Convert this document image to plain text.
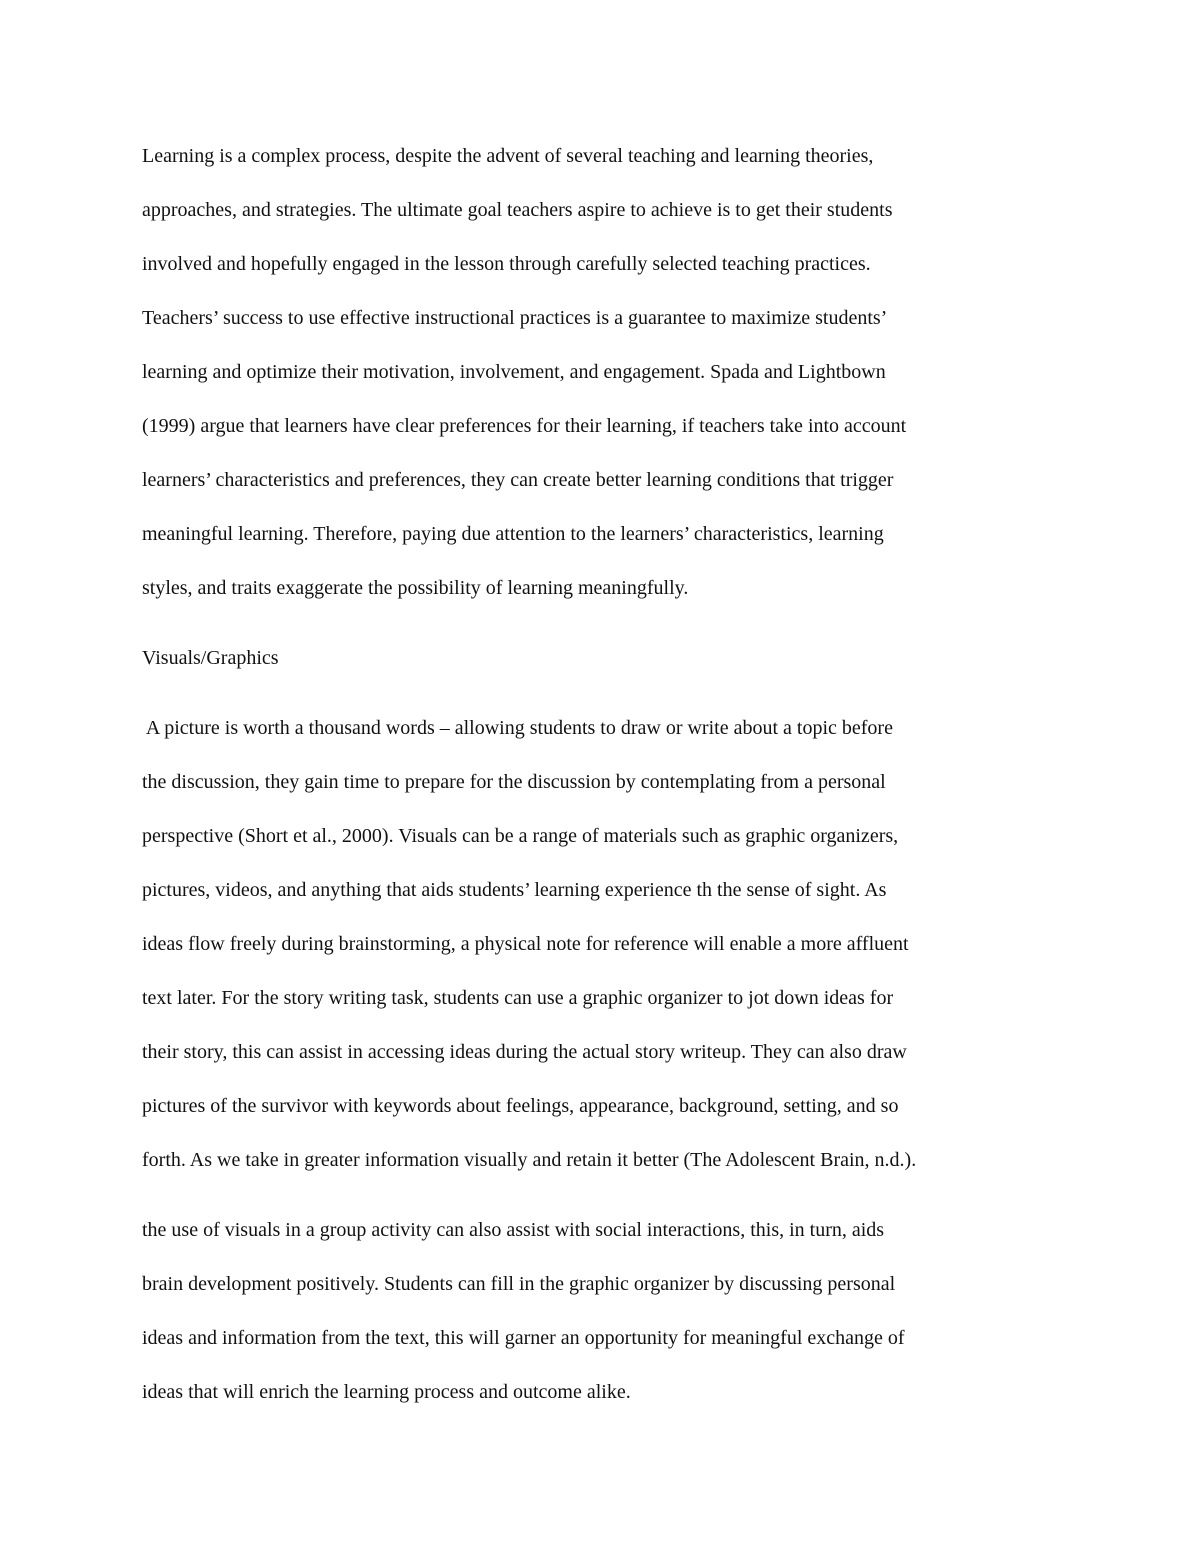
Learning is a complex process, despite the advent of several teaching and learning theories,

approaches, and strategies. The ultimate goal teachers aspire to achieve is to get their students

involved and hopefully engaged in the lesson through carefully selected teaching practices.

Teachers’ success to use effective instructional practices is a guarantee to maximize students’

learning and optimize their motivation, involvement, and engagement. Spada and Lightbown

(1999) argue that learners have clear preferences for their learning, if teachers take into account

learners’ characteristics and preferences, they can create better learning conditions that trigger

meaningful learning. Therefore, paying due attention to the learners’ characteristics, learning

styles, and traits exaggerate the possibility of learning meaningfully.

Visuals/Graphics

A picture is worth a thousand words – allowing students to draw or write about a topic before

the discussion, they gain time to prepare for the discussion by contemplating from a personal

perspective (Short et al., 2000). Visuals can be a range of materials such as graphic organizers,

pictures, videos, and anything that aids students’ learning experience th the sense of sight. As

ideas flow freely during brainstorming, a physical note for reference will enable a more affluent

text later. For the story writing task, students can use a graphic organizer to jot down ideas for

their story, this can assist in accessing ideas during the actual story writeup. They can also draw

pictures of the survivor with keywords about feelings, appearance, background, setting, and so

forth. As we take in greater information visually and retain it better (The Adolescent Brain, n.d.).

the use of visuals in a group activity can also assist with social interactions, this, in turn, aids

brain development positively. Students can fill in the graphic organizer by discussing personal

ideas and information from the text, this will garner an opportunity for meaningful exchange of

ideas that will enrich the learning process and outcome alike.
